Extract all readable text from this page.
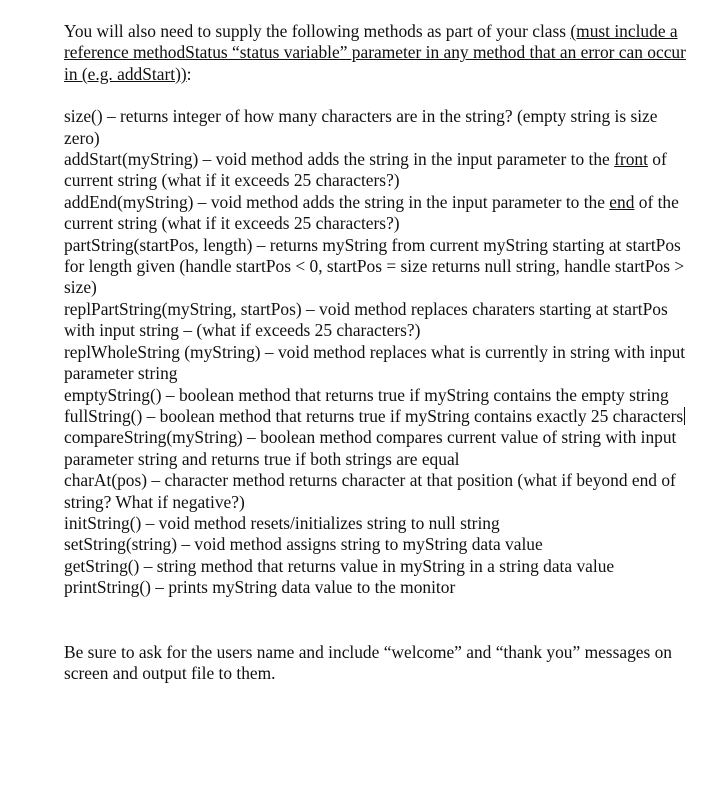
You will also need to supply the following methods as part of your class (must include a reference methodStatus “status variable” parameter in any method that an error can occur in (e.g. addStart)):

size() – returns integer of how many characters are in the string? (empty string is size zero)

addStart(myString) – void method adds the string in the input parameter to the front of current string (what if it exceeds 25 characters?)

addEnd(myString) – void method adds the string in the input parameter to the end of the current string (what if it exceeds 25 characters?)

partString(startPos, length) – returns myString from current myString starting at startPos for length given (handle startPos < 0, startPos = size returns null string, handle startPos > size)

replPartString(myString, startPos) – void method replaces charaters starting at startPos with input string – (what if exceeds 25 characters?)

replWholeString (myString) – void method replaces what is currently in string with input parameter string

emptyString() – boolean method that returns true if myString contains the empty string

fullString() – boolean method that returns true if myString contains exactly 25 characters

compareString(myString) – boolean method compares current value of string with input parameter string and returns true if both strings are equal

charAt(pos) – character method returns character at that position (what if beyond end of string? What if negative?)

initString() – void method resets/initializes string to null string

setString(string) – void method assigns string to myString data value

getString() – string method that returns value in myString in a string data value

printString() – prints myString data value to the monitor

Be sure to ask for the users name and include “welcome” and “thank you” messages on screen and output file to them.
